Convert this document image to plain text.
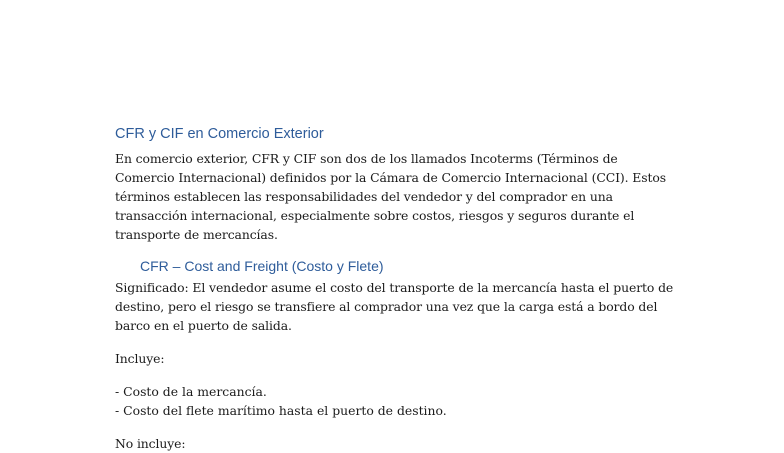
CFR y CIF en Comercio Exterior

En comercio exterior, CFR y CIF son dos de los llamados Incoterms (Términos de Comercio Internacional) definidos por la Cámara de Comercio Internacional (CCI). Estos términos establecen las responsabilidades del vendedor y del comprador en una transacción internacional, especialmente sobre costos, riesgos y seguros durante el transporte de mercancías.

CFR – Cost and Freight (Costo y Flete)

Significado: El vendedor asume el costo del transporte de la mercancía hasta el puerto de destino, pero el riesgo se transfiere al comprador una vez que la carga está a bordo del barco en el puerto de salida.

Incluye:

- Costo de la mercancía.

- Costo del flete marítimo hasta el puerto de destino.

No incluye:
